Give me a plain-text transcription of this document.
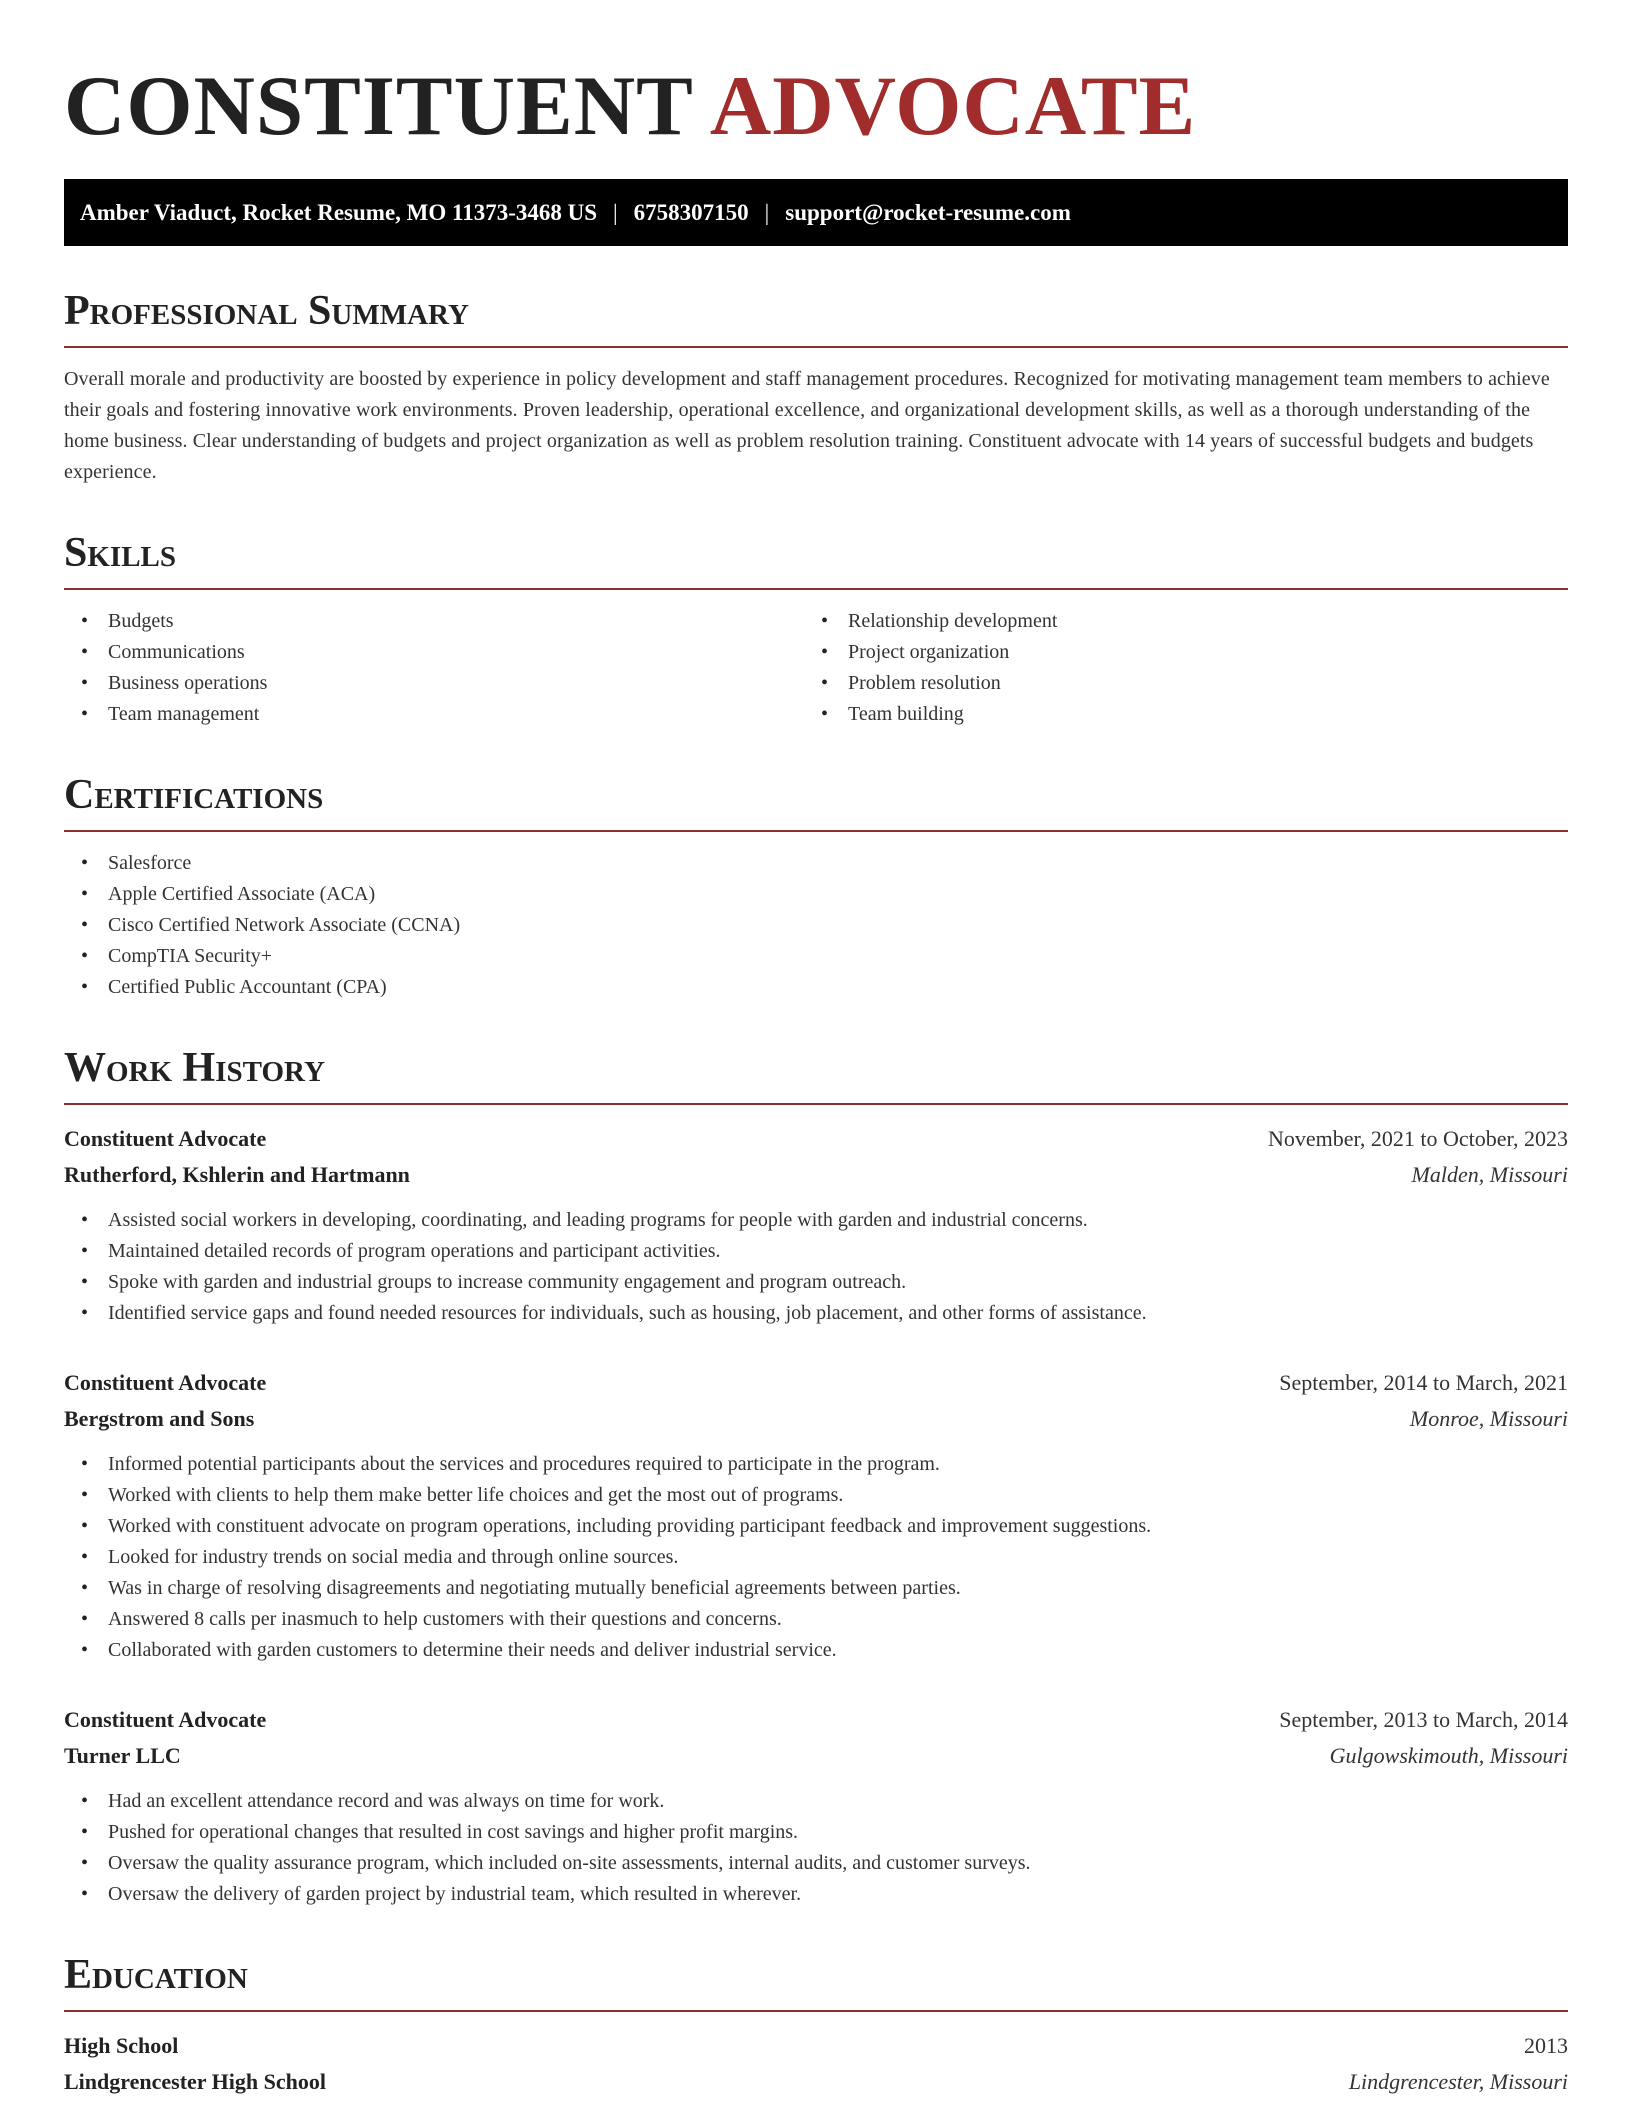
CONSTITUENT ADVOCATE
Amber Viaduct, Rocket Resume, MO 11373-3468 US | 6758307150 | support@rocket-resume.com
Professional Summary

Overall morale and productivity are boosted by experience in policy development and staff management procedures. Recognized for motivating management team members to achieve their goals and fostering innovative work environments. Proven leadership, operational excellence, and organizational development skills, as well as a thorough understanding of the home business. Clear understanding of budgets and project organization as well as problem resolution training. Constituent advocate with 14 years of successful budgets and budgets experience.

Skills
• Budgets
• Communications
• Business operations
• Team management
• Relationship development
• Project organization
• Problem resolution
• Team building
Certifications
• Salesforce
• Apple Certified Associate (ACA)
• Cisco Certified Network Associate (CCNA)
• CompTIA Security+
• Certified Public Accountant (CPA)
Work History
Constituent Advocate	November, 2021 to October, 2023
Rutherford, Kshlerin and Hartmann	Malden, Missouri
• Assisted social workers in developing, coordinating, and leading programs for people with garden and industrial concerns.
• Maintained detailed records of program operations and participant activities.
• Spoke with garden and industrial groups to increase community engagement and program outreach.
• Identified service gaps and found needed resources for individuals, such as housing, job placement, and other forms of assistance.
Constituent Advocate	September, 2014 to March, 2021
Bergstrom and Sons	Monroe, Missouri
• Informed potential participants about the services and procedures required to participate in the program.
• Worked with clients to help them make better life choices and get the most out of programs.
• Worked with constituent advocate on program operations, including providing participant feedback and improvement suggestions.
• Looked for industry trends on social media and through online sources.
• Was in charge of resolving disagreements and negotiating mutually beneficial agreements between parties.
• Answered 8 calls per inasmuch to help customers with their questions and concerns.
• Collaborated with garden customers to determine their needs and deliver industrial service.
Constituent Advocate	September, 2013 to March, 2014
Turner LLC	Gulgowskimouth, Missouri
• Had an excellent attendance record and was always on time for work.
• Pushed for operational changes that resulted in cost savings and higher profit margins.
• Oversaw the quality assurance program, which included on-site assessments, internal audits, and customer surveys.
• Oversaw the delivery of garden project by industrial team, which resulted in wherever.
Education
High School	2013
Lindgrencester High School	Lindgrencester, Missouri
